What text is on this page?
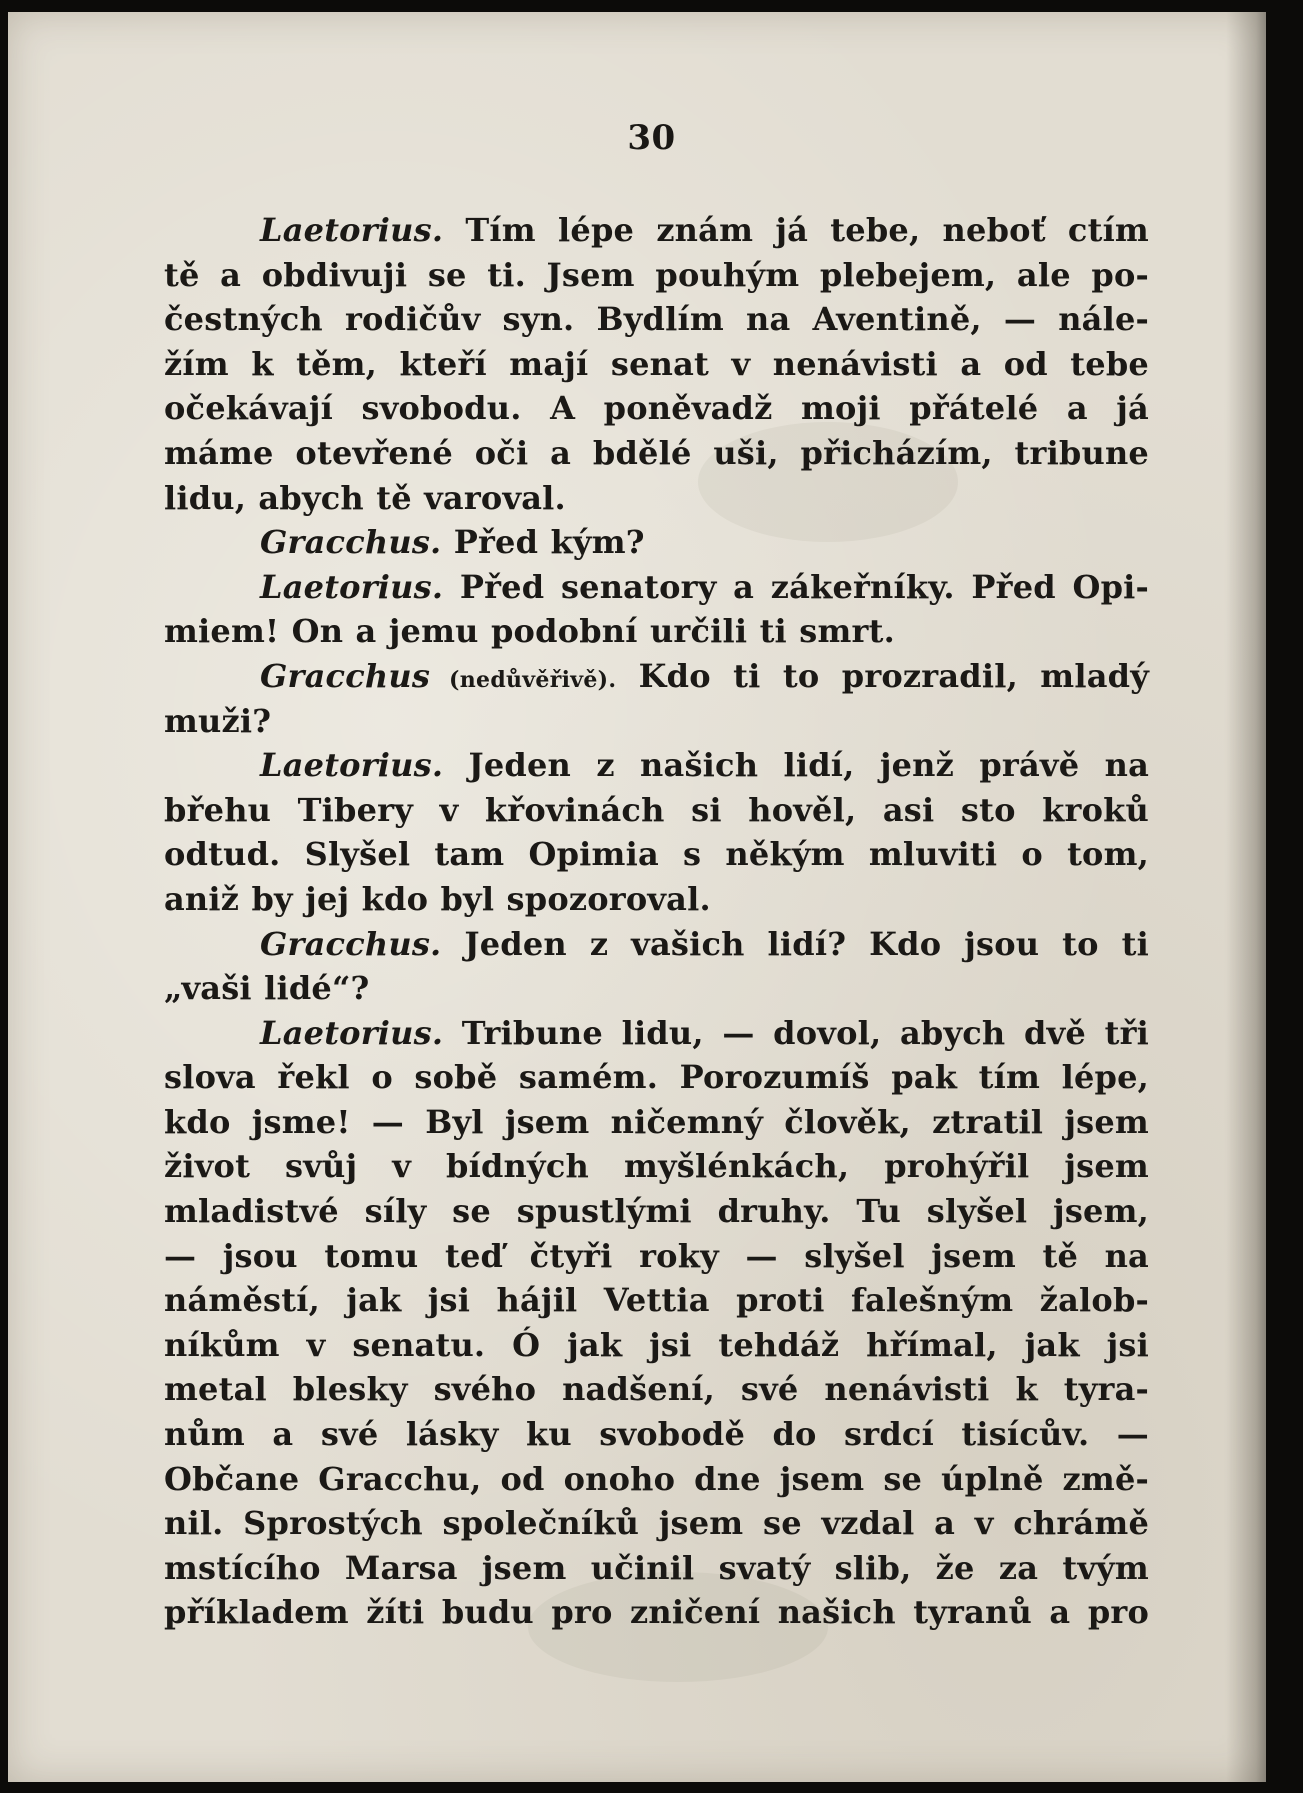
30
Laetorius. Tím lépe znám já tebe, neboť ctím
tě a obdivuji se ti. Jsem pouhým plebejem, ale po-
čestných rodičův syn. Bydlím na Aventině, — nále-
žím k těm, kteří mají senat v nenávisti a od tebe
očekávají svobodu. A poněvadž moji přátelé a já
máme otevřené oči a bdělé uši, přicházím, tribune
lidu, abych tě varoval.
Gracchus. Před kým?
Laetorius. Před senatory a zákeřníky. Před Opi-
miem! On a jemu podobní určili ti smrt.
Gracchus (nedůvěřivě). Kdo ti to prozradil, mladý
muži?
Laetorius. Jeden z našich lidí, jenž právě na
břehu Tibery v křovinách si hověl, asi sto kroků
odtud. Slyšel tam Opimia s někým mluviti o tom,
aniž by jej kdo byl spozoroval.
Gracchus. Jeden z vašich lidí? Kdo jsou to ti
„vaši lidé“?
Laetorius. Tribune lidu, — dovol, abych dvě tři
slova řekl o sobě samém. Porozumíš pak tím lépe,
kdo jsme! — Byl jsem ničemný člověk, ztratil jsem
život svůj v bídných myšlénkách, prohýřil jsem
mladistvé síly se spustlými druhy. Tu slyšel jsem,
— jsou tomu teď čtyři roky — slyšel jsem tě na
náměstí, jak jsi hájil Vettia proti falešným žalob-
níkům v senatu. Ó jak jsi tehdáž hřímal, jak jsi
metal blesky svého nadšení, své nenávisti k tyra-
nům a své lásky ku svobodě do srdcí tisícův. —
Občane Gracchu, od onoho dne jsem se úplně změ-
nil. Sprostých společníků jsem se vzdal a v chrámě
mstícího Marsa jsem učinil svatý slib, že za tvým
příkladem žíti budu pro zničení našich tyranů a pro
